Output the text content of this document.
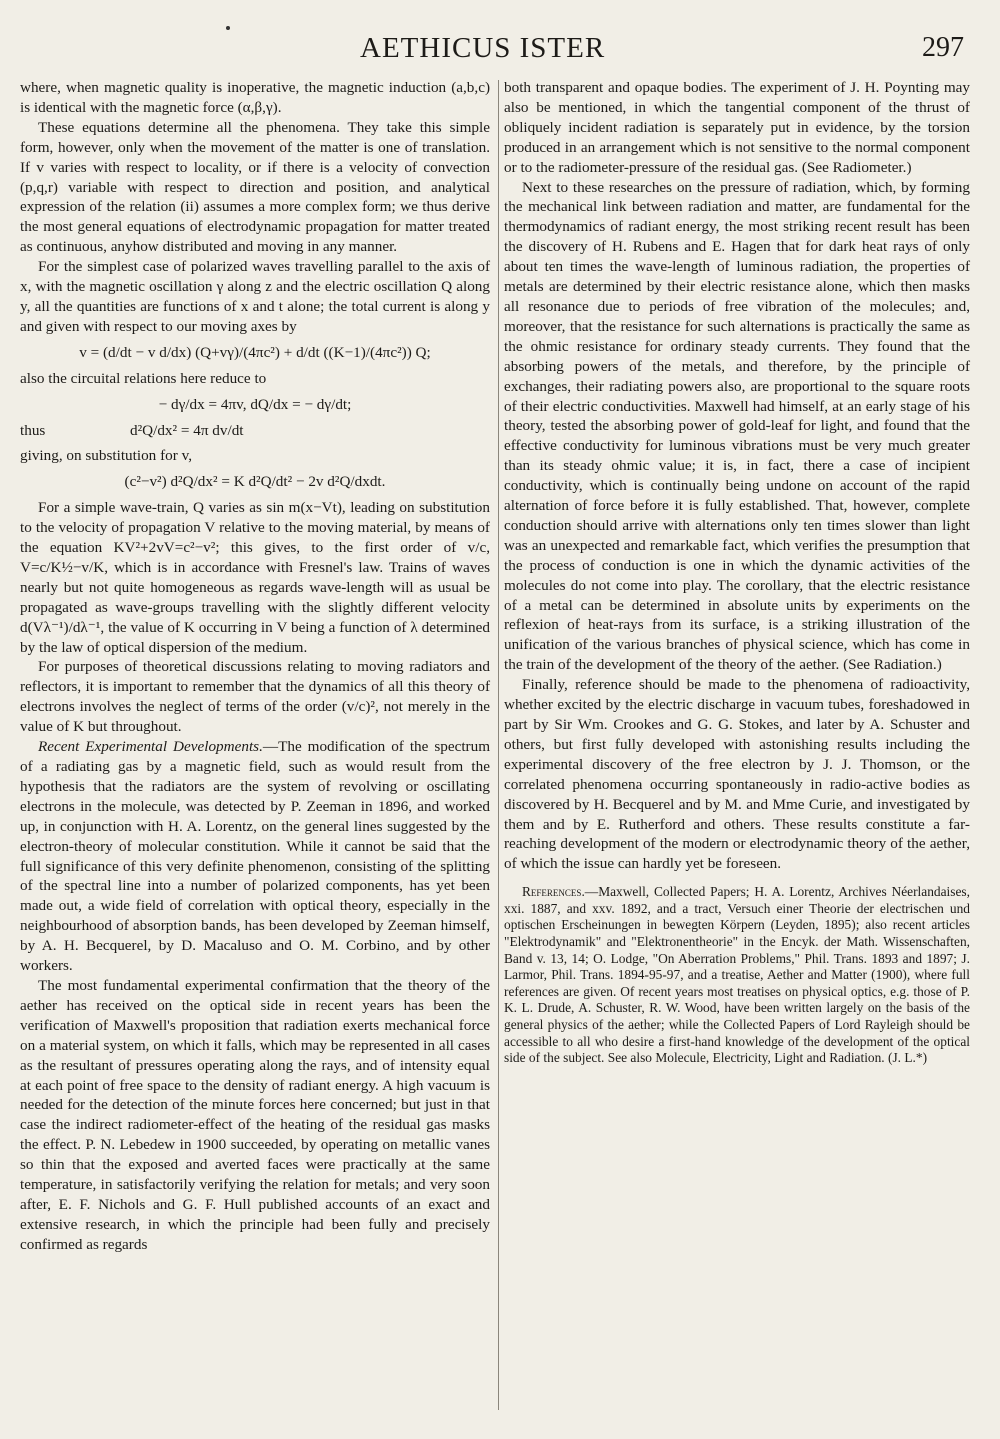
AETHICUS ISTER	297

where, when magnetic quality is inoperative, the magnetic induction (a,b,c) is identical with the magnetic force (α,β,γ).

These equations determine all the phenomena. They take this simple form, however, only when the movement of the matter is one of translation. If v varies with respect to locality, or if there is a velocity of convection (p,q,r) variable with respect to direction and position, and analytical expression of the relation (ii) assumes a more complex form; we thus derive the most general equations of electrodynamic propagation for matter treated as continuous, anyhow distributed and moving in any manner.

For the simplest case of polarized waves travelling parallel to the axis of x, with the magnetic oscillation γ along z and the electric oscillation Q along y, all the quantities are functions of x and t alone; the total current is along y and given with respect to our moving axes by

v = (d/dt − v d/dx) (Q+vγ)/(4πc²) + d/dt ((K−1)/(4πc²)) Q;

also the circuital relations here reduce to

− dγ/dx = 4πv, dQ/dx = − dγ/dt;
thus	d²Q/dx² = 4π dv/dt

giving, on substitution for v,

(c²−v²) d²Q/dx² = K d²Q/dt² − 2v d²Q/dxdt.

For a simple wave-train, Q varies as sin m(x−Vt), leading on substitution to the velocity of propagation V relative to the moving material, by means of the equation KV²+2vV=c²−v²; this gives, to the first order of v/c, V=c/K½−v/K, which is in accordance with Fresnel's law. Trains of waves nearly but not quite homogeneous as regards wave-length will as usual be propagated as wave-groups travelling with the slightly different velocity d(Vλ⁻¹)/dλ⁻¹, the value of K occurring in V being a function of λ determined by the law of optical dispersion of the medium.

For purposes of theoretical discussions relating to moving radiators and reflectors, it is important to remember that the dynamics of all this theory of electrons involves the neglect of terms of the order (v/c)², not merely in the value of K but throughout.

Recent Experimental Developments.—The modification of the spectrum of a radiating gas by a magnetic field, such as would result from the hypothesis that the radiators are the system of revolving or oscillating electrons in the molecule, was detected by P. Zeeman in 1896, and worked up, in conjunction with H. A. Lorentz, on the general lines suggested by the electron-theory of molecular constitution. While it cannot be said that the full significance of this very definite phenomenon, consisting of the splitting of the spectral line into a number of polarized components, has yet been made out, a wide field of correlation with optical theory, especially in the neighbourhood of absorption bands, has been developed by Zeeman himself, by A. H. Becquerel, by D. Macaluso and O. M. Corbino, and by other workers.

The most fundamental experimental confirmation that the theory of the aether has received on the optical side in recent years has been the verification of Maxwell's proposition that radiation exerts mechanical force on a material system, on which it falls, which may be represented in all cases as the resultant of pressures operating along the rays, and of intensity equal at each point of free space to the density of radiant energy. A high vacuum is needed for the detection of the minute forces here concerned; but just in that case the indirect radiometer-effect of the heating of the residual gas masks the effect. P. N. Lebedew in 1900 succeeded, by operating on metallic vanes so thin that the exposed and averted faces were practically at the same temperature, in satisfactorily verifying the relation for metals; and very soon after, E. F. Nichols and G. F. Hull published accounts of an exact and extensive research, in which the principle had been fully and precisely confirmed as regards

both transparent and opaque bodies. The experiment of J. H. Poynting may also be mentioned, in which the tangential component of the thrust of obliquely incident radiation is separately put in evidence, by the torsion produced in an arrangement which is not sensitive to the normal component or to the radiometer-pressure of the residual gas. (See Radiometer.)

Next to these researches on the pressure of radiation, which, by forming the mechanical link between radiation and matter, are fundamental for the thermodynamics of radiant energy, the most striking recent result has been the discovery of H. Rubens and E. Hagen that for dark heat rays of only about ten times the wave-length of luminous radiation, the properties of metals are determined by their electric resistance alone, which then masks all resonance due to periods of free vibration of the molecules; and, moreover, that the resistance for such alternations is practically the same as the ohmic resistance for ordinary steady currents. They found that the absorbing powers of the metals, and therefore, by the principle of exchanges, their radiating powers also, are proportional to the square roots of their electric conductivities. Maxwell had himself, at an early stage of his theory, tested the absorbing power of gold-leaf for light, and found that the effective conductivity for luminous vibrations must be very much greater than its steady ohmic value; it is, in fact, there a case of incipient conductivity, which is continually being undone on account of the rapid alternation of force before it is fully established. That, however, complete conduction should arrive with alternations only ten times slower than light was an unexpected and remarkable fact, which verifies the presumption that the process of conduction is one in which the dynamic activities of the molecules do not come into play. The corollary, that the electric resistance of a metal can be determined in absolute units by experiments on the reflexion of heat-rays from its surface, is a striking illustration of the unification of the various branches of physical science, which has come in the train of the development of the theory of the aether. (See Radiation.)

Finally, reference should be made to the phenomena of radioactivity, whether excited by the electric discharge in vacuum tubes, foreshadowed in part by Sir Wm. Crookes and G. G. Stokes, and later by A. Schuster and others, but first fully developed with astonishing results including the experimental discovery of the free electron by J. J. Thomson, or the correlated phenomena occurring spontaneously in radio-active bodies as discovered by H. Becquerel and by M. and Mme Curie, and investigated by them and by E. Rutherford and others. These results constitute a far-reaching development of the modern or electrodynamic theory of the aether, of which the issue can hardly yet be foreseen.

References.—Maxwell, Collected Papers; H. A. Lorentz, Archives Néerlandaises, xxi. 1887, and xxv. 1892, and a tract, Versuch einer Theorie der electrischen und optischen Erscheinungen in bewegten Körpern (Leyden, 1895); also recent articles "Elektrodynamik" and "Elektronentheorie" in the Encyk. der Math. Wissenschaften, Band v. 13, 14; O. Lodge, "On Aberration Problems," Phil. Trans. 1893 and 1897; J. Larmor, Phil. Trans. 1894-95-97, and a treatise, Aether and Matter (1900), where full references are given. Of recent years most treatises on physical optics, e.g. those of P. K. L. Drude, A. Schuster, R. W. Wood, have been written largely on the basis of the general physics of the aether; while the Collected Papers of Lord Rayleigh should be accessible to all who desire a first-hand knowledge of the development of the optical side of the subject. See also Molecule, Electricity, Light and Radiation. (J. L.*)
